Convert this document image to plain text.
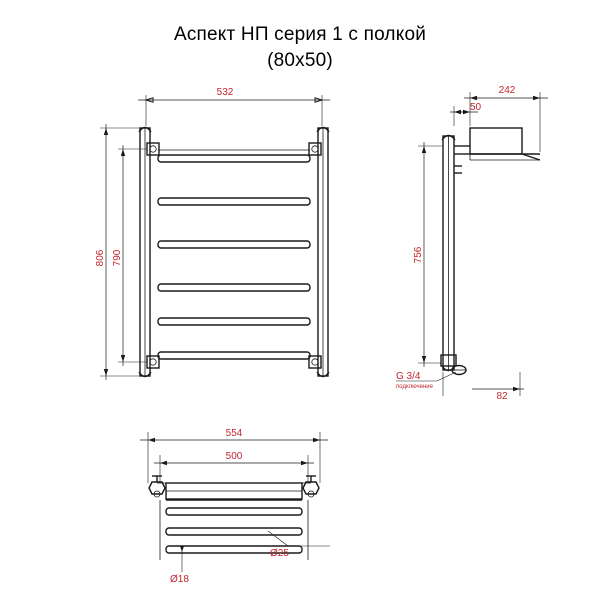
Аспект НП серия 1 с полкой
(80x50)
532
806 790	756
242
50
82
G 3/4
подключение
554
500
Ø25
Ø18
